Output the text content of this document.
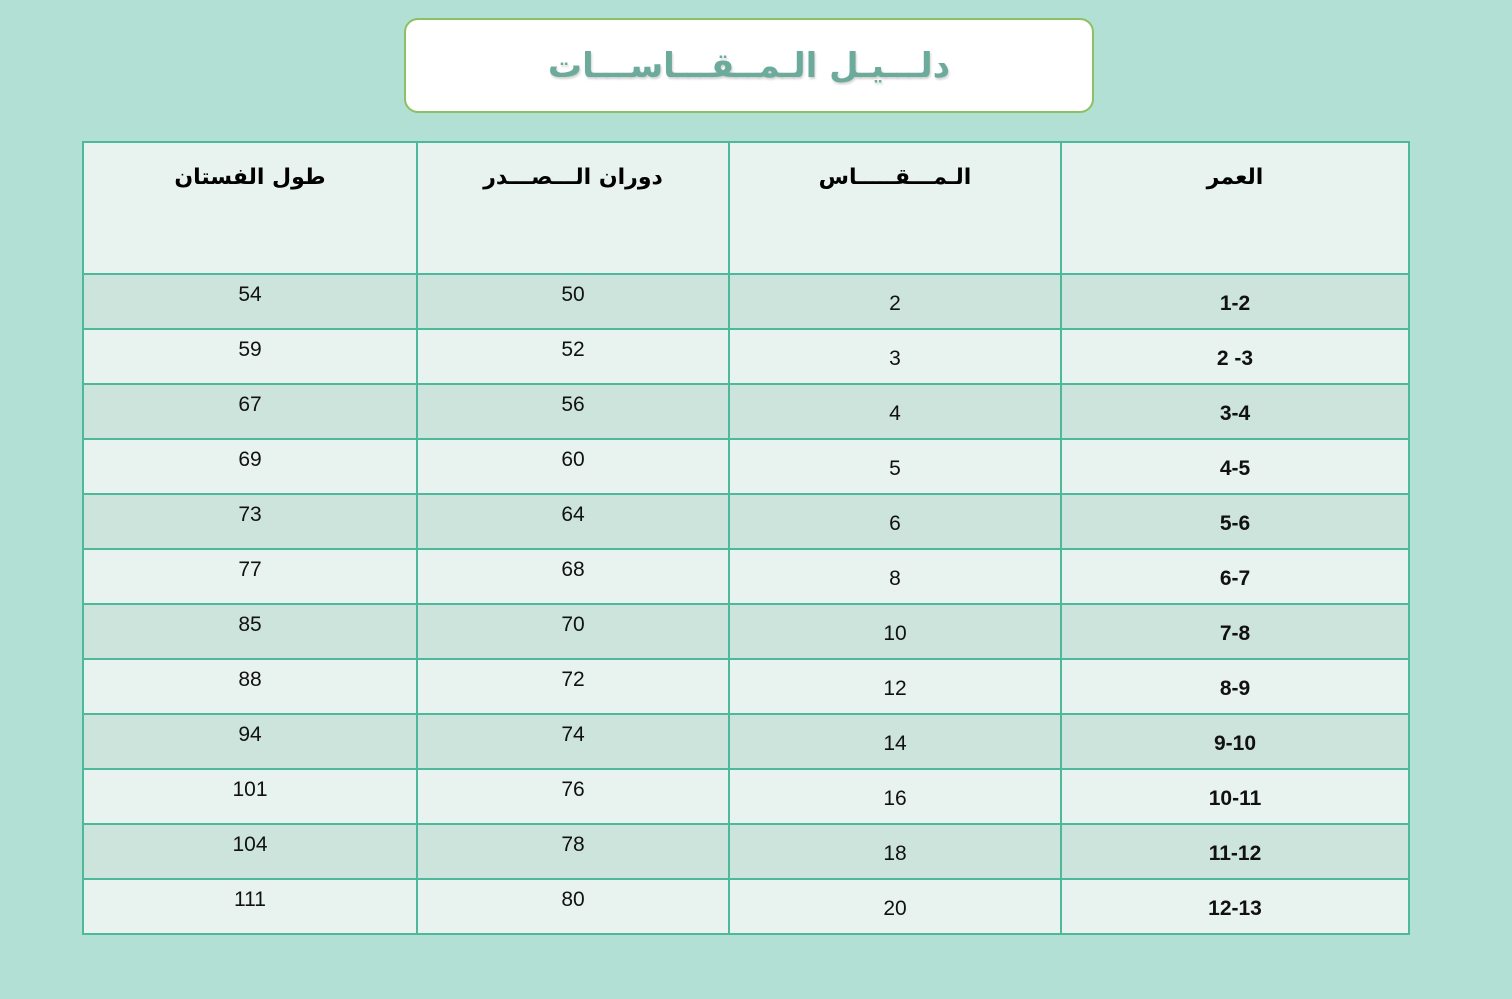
دلـــيـل الـمــقـــاســـات
العمر	الـمـــقـــــاس	دوران الـــصـــدر	طول الفستان
1-2	2	50	54
2 -3	3	52	59
3-4	4	56	67
4-5	5	60	69
5-6	6	64	73
6-7	8	68	77
7-8	10	70	85
8-9	12	72	88
9-10	14	74	94
10-11	16	76	101
11-12	18	78	104
12-13	20	80	111
